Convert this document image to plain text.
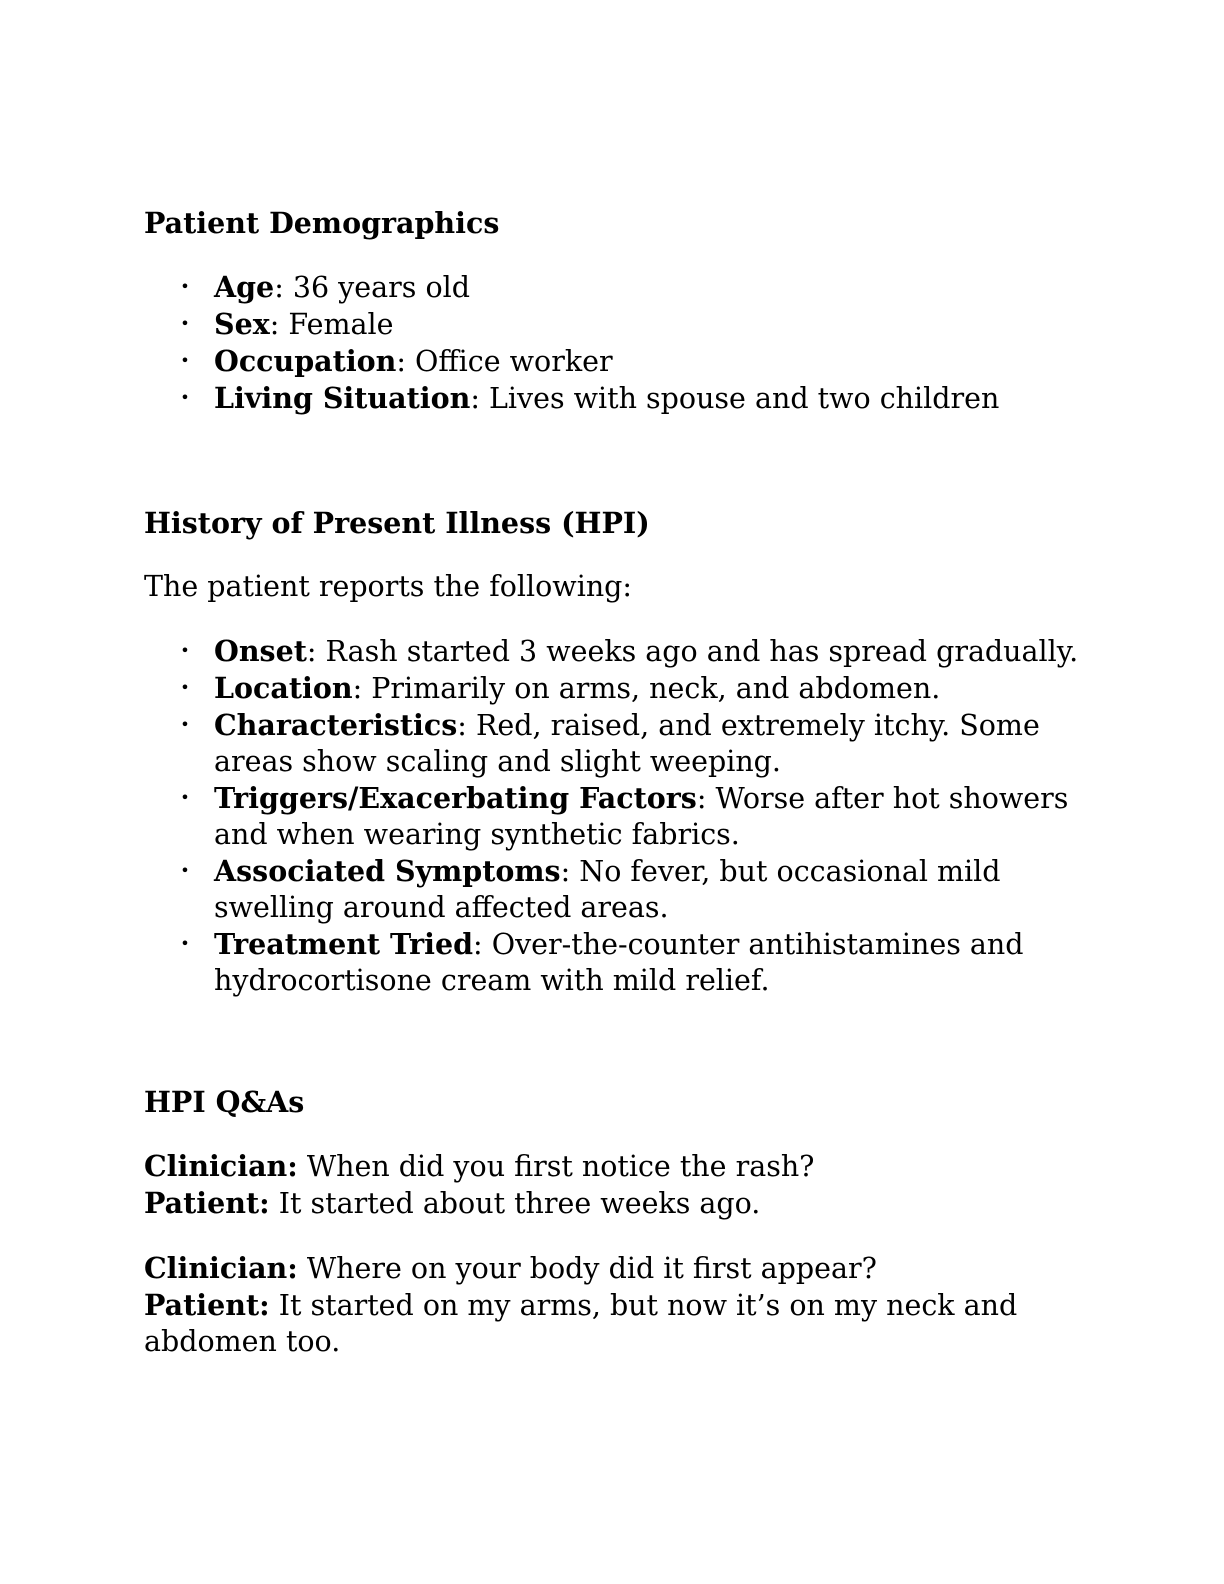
Patient Demographics
• Age: 36 years old
• Sex: Female
• Occupation: Office worker
• Living Situation: Lives with spouse and two children
History of Present Illness (HPI)

The patient reports the following:

• Onset: Rash started 3 weeks ago and has spread gradually.
• Location: Primarily on arms, neck, and abdomen.
• Characteristics: Red, raised, and extremely itchy. Some areas show scaling and slight weeping.
• Triggers/Exacerbating Factors: Worse after hot showers and when wearing synthetic fabrics.
• Associated Symptoms: No fever, but occasional mild swelling around affected areas.
• Treatment Tried: Over-the-counter antihistamines and hydrocortisone cream with mild relief.
HPI Q&As

Clinician: When did you first notice the rash?

Patient: It started about three weeks ago.

Clinician: Where on your body did it first appear?

Patient: It started on my arms, but now it’s on my neck and abdomen too.
